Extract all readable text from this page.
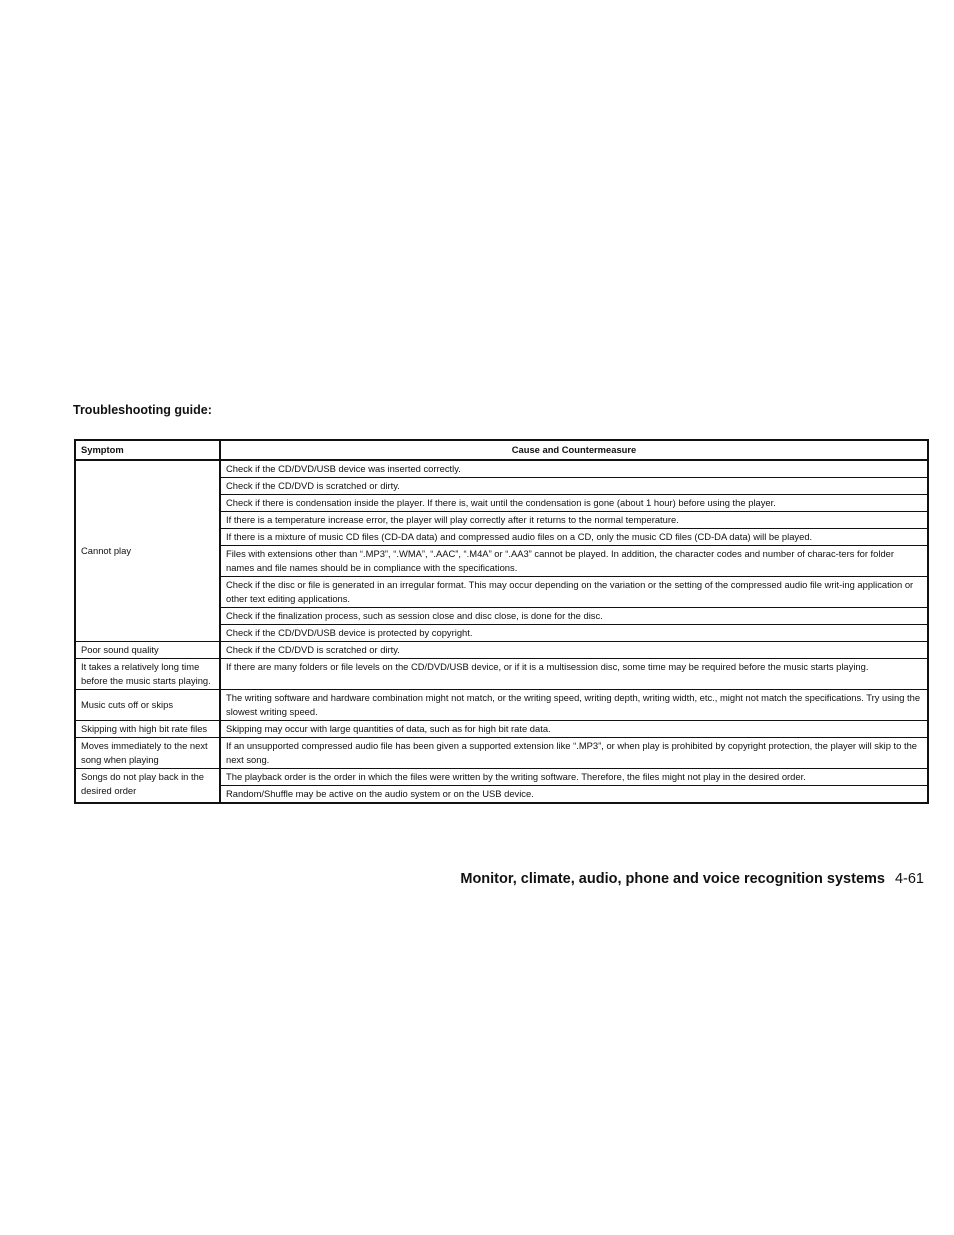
Troubleshooting guide:
Symptom	Cause and Countermeasure
Cannot play	Check if the CD/DVD/USB device was inserted correctly.
	Check if the CD/DVD is scratched or dirty.
	Check if there is condensation inside the player. If there is, wait until the condensation is gone (about 1 hour) before using the player.
	If there is a temperature increase error, the player will play correctly after it returns to the normal temperature.
	If there is a mixture of music CD files (CD-DA data) and compressed audio files on a CD, only the music CD files (CD-DA data) will be played.
	Files with extensions other than “.MP3”, “.WMA”, “.AAC”, “.M4A” or “.AA3” cannot be played. In addition, the character codes and number of charac-ters for folder names and file names should be in compliance with the specifications.
	Check if the disc or file is generated in an irregular format. This may occur depending on the variation or the setting of the compressed audio file writ-ing application or other text editing applications.
	Check if the finalization process, such as session close and disc close, is done for the disc.
	Check if the CD/DVD/USB device is protected by copyright.
Poor sound quality	Check if the CD/DVD is scratched or dirty.
It takes a relatively long time before the music starts playing.	If there are many folders or file levels on the CD/DVD/USB device, or if it is a multisession disc, some time may be required before the music starts playing.
Music cuts off or skips	The writing software and hardware combination might not match, or the writing speed, writing depth, writing width, etc., might not match the specifications. Try using the slowest writing speed.
Skipping with high bit rate files	Skipping may occur with large quantities of data, such as for high bit rate data.
Moves immediately to the next song when playing	If an unsupported compressed audio file has been given a supported extension like “.MP3”, or when play is prohibited by copyright protection, the player will skip to the next song.
Songs do not play back in the desired order	The playback order is the order in which the files were written by the writing software. Therefore, the files might not play in the desired order.
	Random/Shuffle may be active on the audio system or on the USB device.
Monitor, climate, audio, phone and voice recognition systems 4-61
